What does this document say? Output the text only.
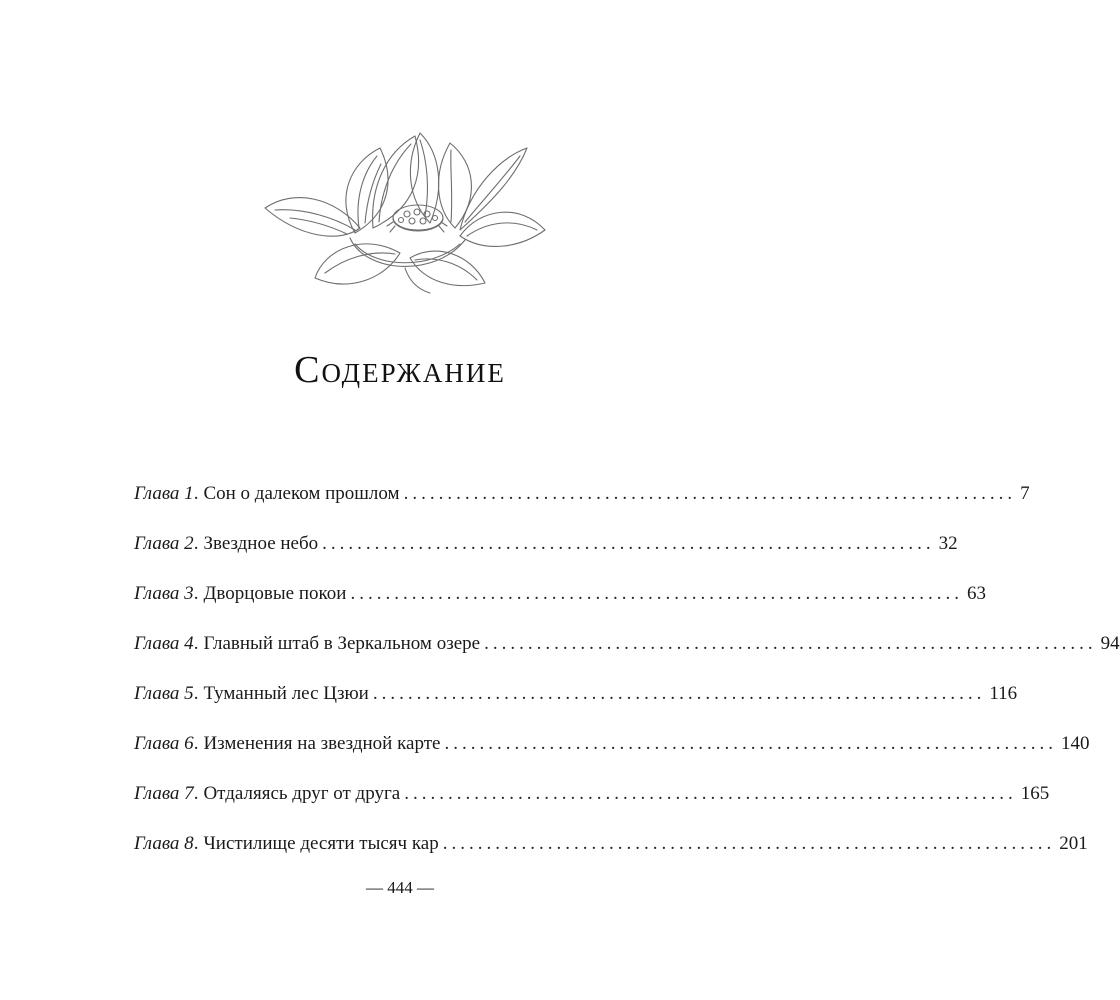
Содержание
Глава 1 . Сон о далеком прошлом ...................................................................... 7
Глава 2 . Звездное небо ...................................................................... 32
Глава 3 . Дворцовые покои ...................................................................... 63
Глава 4 . Главный штаб в Зеркальном озере ...................................................................... 94
Глава 5 . Туманный лес Цзюи ...................................................................... 116
Глава 6 . Изменения на звездной карте ...................................................................... 140
Глава 7 . Отдаляясь друг от друга ...................................................................... 165
Глава 8 . Чистилище десяти тысяч кар ...................................................................... 201
— 444 —
